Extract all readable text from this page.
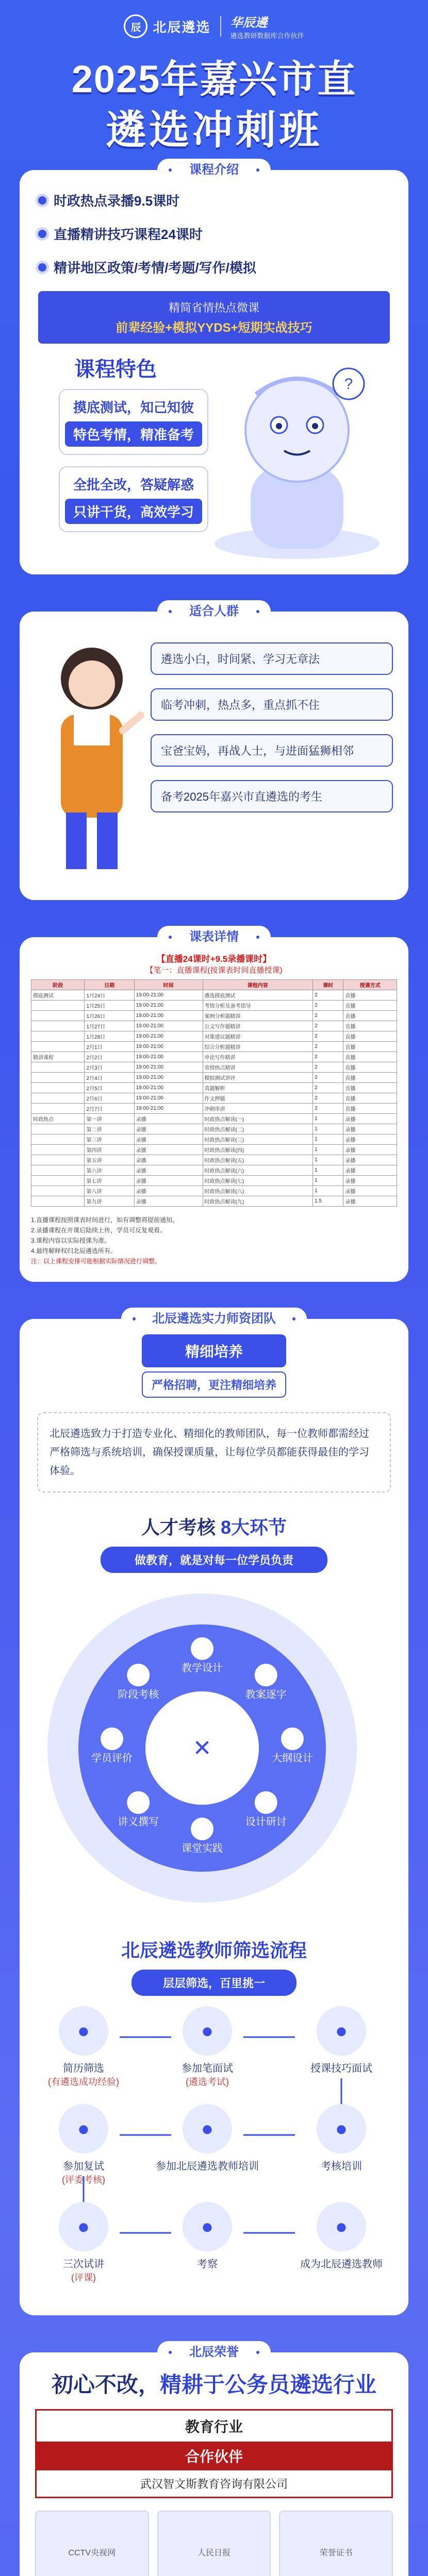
辰 北辰遴选 华辰遴
遴选教研数据库合作伙伴
2025年嘉兴市直
遴选冲刺班
课程介绍
时政热点录播9.5课时
直播精讲技巧课程24课时
精讲地区政策/考情/考题/写作/模拟
精简省情热点微课
前辈经验+模拟YYDS+短期实战技巧
课程特色
摸底测试，知己知彼
特色考情，精准备考
全批全改，答疑解惑
只讲干货，高效学习
?
适合人群
遴选小白，时间紧、学习无章法
临考冲刺，热点多，重点抓不住
宝爸宝妈，再战人士，与进面猛狮相邻
备考2025年嘉兴市直遴选的考生
课表详情
【直播24课时+9.5录播课时】
【笔一：直播课程(按课表时间直播授课)
阶段	日期	时间	课程内容	课时	授课方式
摸底测试	1月24日	19:00-21:00	遴选摸底测试	2	直播
	1月25日	19:00-21:00	考情分析及备考指导	2	直播
	1月26日	19:00-21:00	案例分析题精讲	2	直播
	1月27日	19:00-21:00	公文写作题精讲	2	直播
	1月28日	19:00-21:00	对策建议题精讲	2	直播
	2月1日	19:00-21:00	综合分析题精讲	2	直播
精讲课程	2月2日	19:00-21:00	申论写作精讲	2	直播
	2月3日	19:00-21:00	省情热点精讲	2	直播
	2月4日	19:00-21:00	模拟测试讲评	2	直播
	2月5日	19:00-21:00	真题解析	2	直播
	2月6日	19:00-21:00	作文押题	2	直播
	2月7日	19:00-21:00	冲刺串讲	2	直播
时政热点	第一讲	录播	时政热点解读(一)	1	录播
	第二讲	录播	时政热点解读(二)	1	录播
	第三讲	录播	时政热点解读(三)	1	录播
	第四讲	录播	时政热点解读(四)	1	录播
	第五讲	录播	时政热点解读(五)	1	录播
	第六讲	录播	时政热点解读(六)	1	录播
	第七讲	录播	时政热点解读(七)	1	录播
	第八讲	录播	时政热点解读(八)	1	录播
	第九讲	录播	时政热点解读(九)	1.5	录播
1.直播课程按照课表时间进行，如有调整将提前通知。
2.录播课程在开课后陆续上传，学员可反复观看。
3.课程内容以实际授课为准。
4.最终解释权归北辰遴选所有。
注：以上课程安排可能根据实际情况进行调整。
北辰遴选实力师资团队
精细培养
严格招聘，更注精细培养
北辰遴选致力于打造专业化、精细化的教师团队，每一位教师都需经过严格筛选与系统培训，确保授课质量，让每位学员都能获得最佳的学习体验。
人才考核 8大环节
做教育，就是对每一位学员负责
教学设计
教案逐字
大纲设计
设计研讨
课堂实践
讲义撰写
学员评价
阶段考核
✕
北辰遴选教师筛选流程
层层筛选，百里挑一
●
简历筛选
(有遴选成功经验)
●
参加笔面试
(遴选考试)
●
授课技巧面试
●
考核培训
●
参加北辰遴选教师培训
●
参加复试
(评委考核)
●
三次试讲
(评课)
●
考察
●
成为北辰遴选教师
北辰荣誉
初心不改，精耕于公务员遴选行业
教育行业
合作伙伴
武汉智文斯教育咨询有限公司
CCTV央视网	人民日报	荣誉证书
